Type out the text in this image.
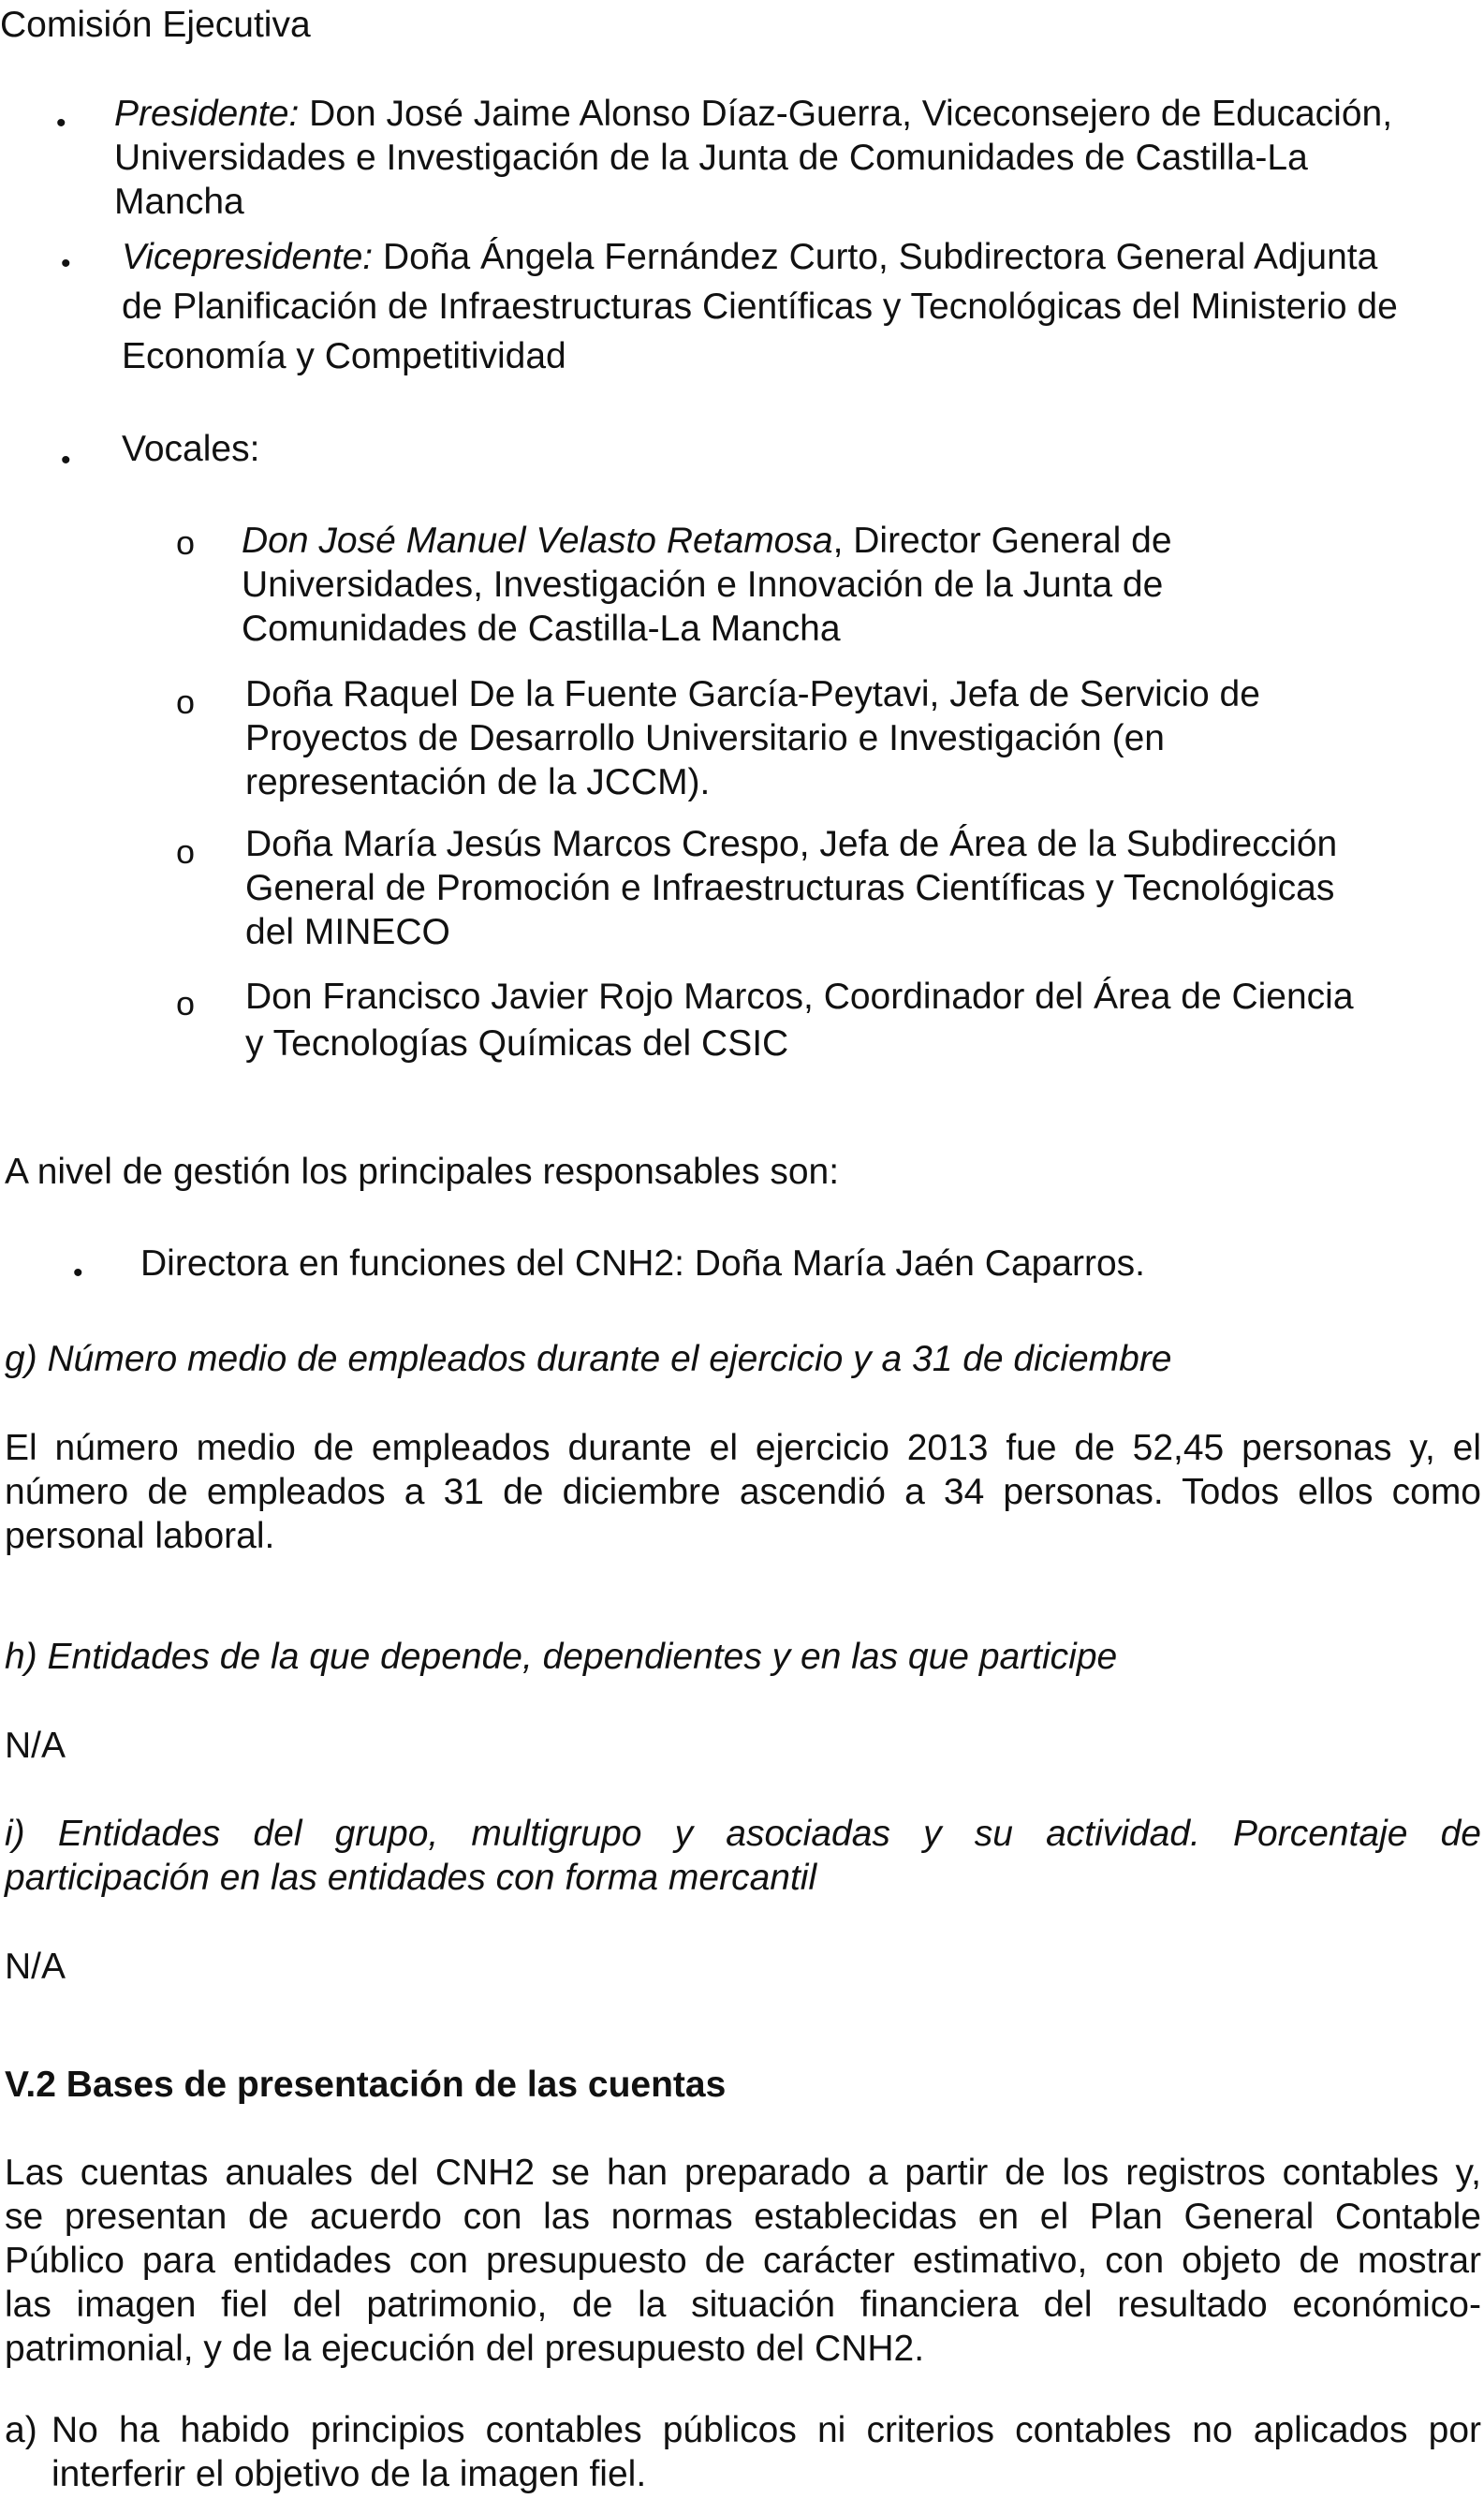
Comisión Ejecutiva

• Presidente: Don José Jaime Alonso Díaz-Guerra, Viceconsejero de Educación,
Universidades e Investigación de la Junta de Comunidades de Castilla-La
Mancha
• Vicepresidente: Doña Ángela Fernández Curto, Subdirectora General Adjunta
de Planificación de Infraestructuras Científicas y Tecnológicas del Ministerio de
Economía y Competitividad
• Vocales:

o Don José Manuel Velasto Retamosa, Director General de
Universidades, Investigación e Innovación de la Junta de
Comunidades de Castilla-La Mancha
o Doña Raquel De la Fuente García-Peytavi, Jefa de Servicio de
Proyectos de Desarrollo Universitario e Investigación (en
representación de la JCCM).
o Doña María Jesús Marcos Crespo, Jefa de Área de la Subdirección
General de Promoción e Infraestructuras Científicas y Tecnológicas
del MINECO
o Don Francisco Javier Rojo Marcos, Coordinador del Área de Ciencia
y Tecnologías Químicas del CSIC

A nivel de gestión los principales responsables son:

• Directora en funciones del CNH2: Doña María Jaén Caparros.

g) Número medio de empleados durante el ejercicio y a 31 de diciembre

El número medio de empleados durante el ejercicio 2013 fue de 52,45 personas y, el
número de empleados a 31 de diciembre ascendió a 34 personas. Todos ellos como
personal laboral.

h) Entidades de la que depende, dependientes y en las que participe

N/A

i) Entidades del grupo, multigrupo y asociadas y su actividad. Porcentaje de
participación en las entidades con forma mercantil

N/A

V.2 Bases de presentación de las cuentas

Las cuentas anuales del CNH2 se han preparado a partir de los registros contables y,
se presentan de acuerdo con las normas establecidas en el Plan General Contable
Público para entidades con presupuesto de carácter estimativo, con objeto de mostrar
las imagen fiel del patrimonio, de la situación financiera del resultado económico-
patrimonial, y de la ejecución del presupuesto del CNH2.

a) No ha habido principios contables públicos ni criterios contables no aplicados por
interferir el objetivo de la imagen fiel.
